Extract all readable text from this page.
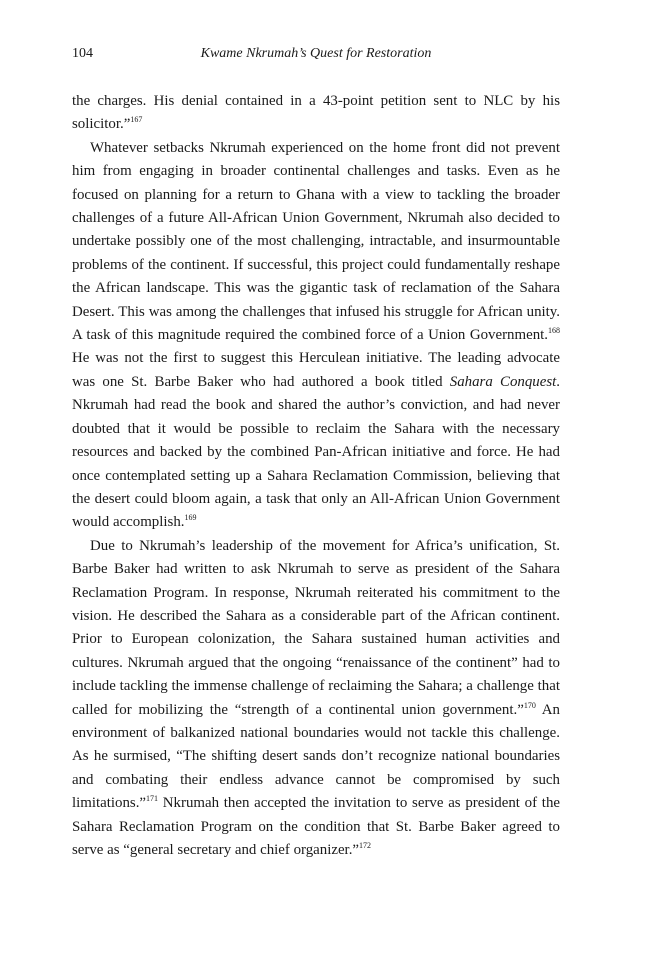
104	Kwame Nkrumah’s Quest for Restoration

the charges. His denial contained in a 43-point petition sent to NLC by his solicitor.”$^{167}$

Whatever setbacks Nkrumah experienced on the home front did not prevent him from engaging in broader continental challenges and tasks. Even as he focused on planning for a return to Ghana with a view to tackling the broader challenges of a future All-African Union Government, Nkrumah also decided to undertake possibly one of the most challenging, intractable, and insurmountable problems of the continent. If successful, this project could fundamentally reshape the African landscape. This was the gigantic task of reclamation of the Sahara Desert. This was among the challenges that infused his struggle for African unity. A task of this magnitude required the combined force of a Union Government.$^{168}$ He was not the first to suggest this Herculean initiative. The leading advocate was one St. Barbe Baker who had authored a book titled Sahara Conquest. Nkrumah had read the book and shared the author’s conviction, and had never doubted that it would be possible to reclaim the Sahara with the necessary resources and backed by the combined Pan-African initiative and force. He had once contemplated setting up a Sahara Reclamation Commission, believing that the desert could bloom again, a task that only an All-African Union Government would accomplish.$^{169}$

Due to Nkrumah’s leadership of the movement for Africa’s unification, St. Barbe Baker had written to ask Nkrumah to serve as president of the Sahara Reclamation Program. In response, Nkrumah reiterated his commitment to the vision. He described the Sahara as a considerable part of the African continent. Prior to European colonization, the Sahara sustained human activities and cultures. Nkrumah argued that the ongoing “renaissance of the continent” had to include tackling the immense challenge of reclaiming the Sahara; a challenge that called for mobilizing the “strength of a continental union government.”$^{170}$ An environment of balkanized national boundaries would not tackle this challenge. As he surmised, “The shifting desert sands don’t recognize national boundaries and combating their endless advance cannot be compromised by such limitations.”$^{171}$ Nkrumah then accepted the invitation to serve as president of the Sahara Reclamation Program on the condition that St. Barbe Baker agreed to serve as “general secretary and chief organizer.”$^{172}$
